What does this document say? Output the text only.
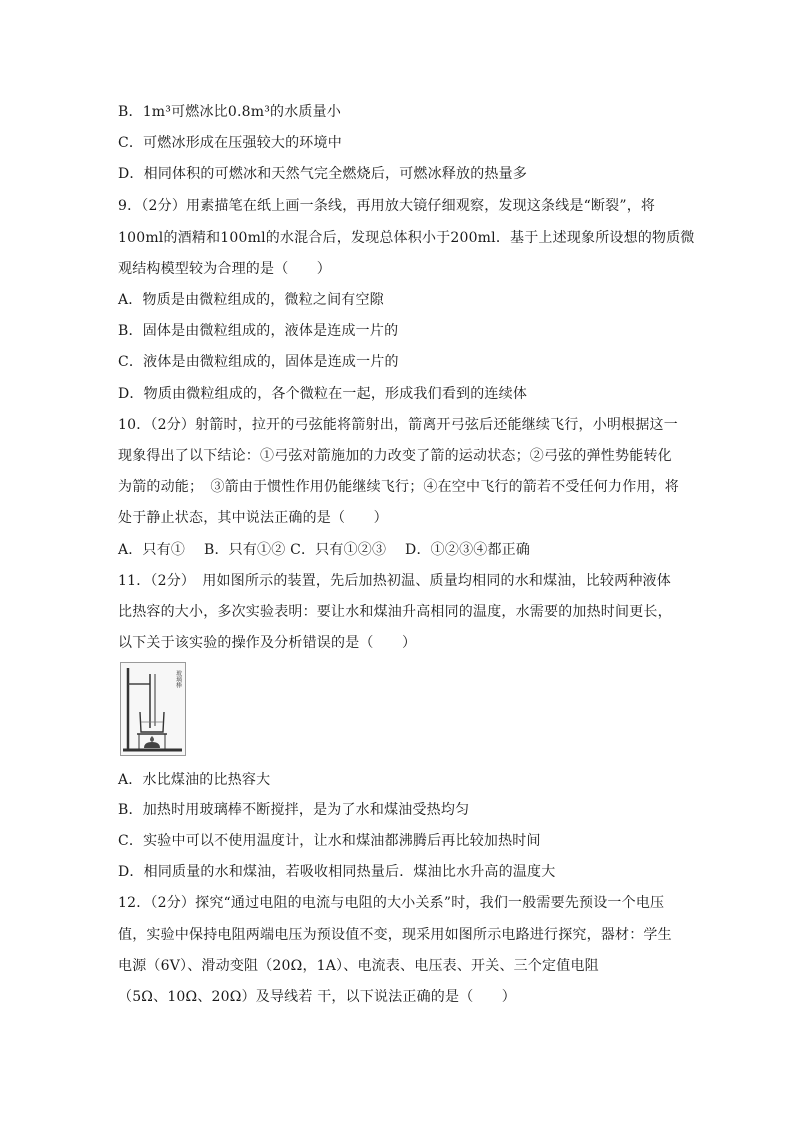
B．1m³可燃冰比0.8m³的水质量小
C．可燃冰形成在压强较大的环境中
D．相同体积的可燃冰和天然气完全燃烧后，可燃冰释放的热量多
9．（2分）用素描笔在纸上画一条线，再用放大镜仔细观察，发现这条线是“断裂”，将
100ml的酒精和100ml的水混合后，发现总体积小于200ml．基于上述现象所设想的物质微
观结构模型较为合理的是（　　）
A．物质是由微粒组成的，微粒之间有空隙
B．固体是由微粒组成的，液体是连成一片的
C．液体是由微粒组成的，固体是连成一片的
D．物质由微粒组成的，各个微粒在一起，形成我们看到的连续体
10．（2分）射箭时，拉开的弓弦能将箭射出，箭离开弓弦后还能继续飞行，小明根据这一
现象得出了以下结论：①弓弦对箭施加的力改变了箭的运动状态；②弓弦的弹性势能转化
为箭的动能；　③箭由于惯性作用仍能继续飞行；④在空中飞行的箭若不受任何力作用，将
处于静止状态，其中说法正确的是（　　）
A．只有①　 B．只有①② C．只有①②③　 D．①②③④都正确
11．（2分）　用如图所示的装置，先后加热初温、质量均相同的水和煤油，比较两种液体
比热容的大小，多次实验表明：要让水和煤油升高相同的温度，水需要的加热时间更长，
以下关于该实验的操作及分析错误的是（　　）
玻璃棒
A．水比煤油的比热容大
B．加热时用玻璃棒不断搅拌，是为了水和煤油受热均匀
C．实验中可以不使用温度计，让水和煤油都沸腾后再比较加热时间
D．相同质量的水和煤油，若吸收相同热量后．煤油比水升高的温度大
12．（2分）探究“通过电阻的电流与电阻的大小关系”时，我们一般需要先预设一个电压
值，实验中保持电阻两端电压为预设值不变，现采用如图所示电路进行探究，器材：学生
电源（6V）、滑动变阻（20Ω，1A）、电流表、电压表、开关、三个定值电阻
（5Ω、10Ω、20Ω）及导线若 干，以下说法正确的是（　　）
